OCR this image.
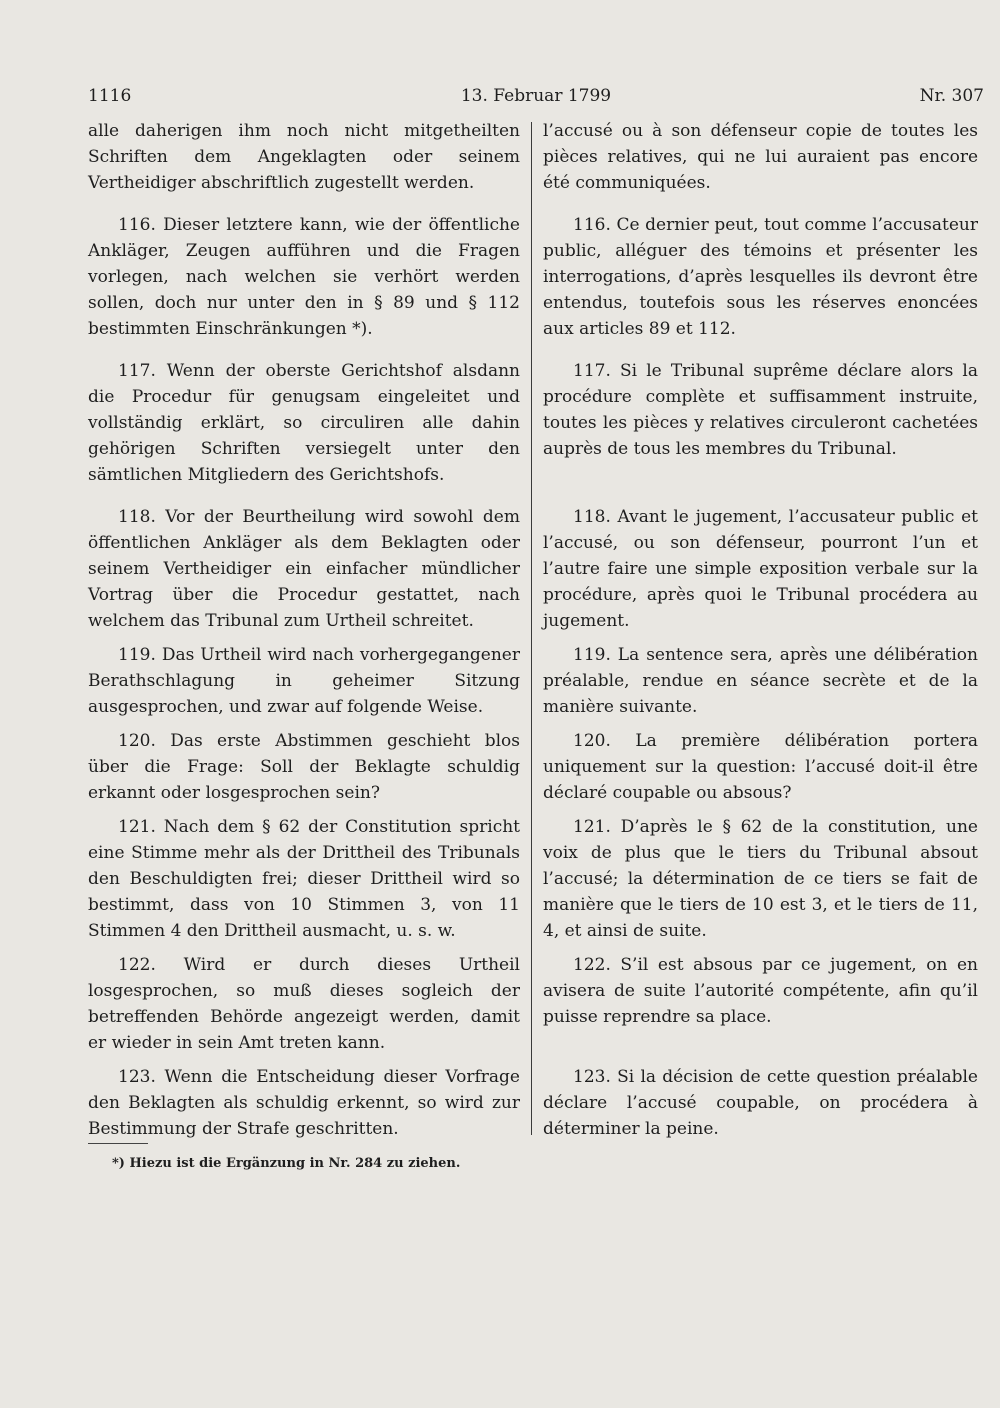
1116	13. Februar 1799	Nr. 307

alle daherigen ihm noch nicht mitgetheilten Schriften dem Angeklagten oder seinem Vertheidiger abschriftlich zugestellt werden.

116. Dieser letztere kann, wie der öffentliche Ankläger, Zeugen aufführen und die Fragen vorlegen, nach welchen sie verhört werden sollen, doch nur unter den in § 89 und § 112 bestimmten Einschränkungen *).

117. Wenn der oberste Gerichtshof alsdann die Procedur für genugsam eingeleitet und vollständig erklärt, so circuliren alle dahin gehörigen Schriften versiegelt unter den sämtlichen Mitgliedern des Gerichtshofs.

118. Vor der Beurtheilung wird sowohl dem öffentlichen Ankläger als dem Beklagten oder seinem Vertheidiger ein einfacher mündlicher Vortrag über die Procedur gestattet, nach welchem das Tribunal zum Urtheil schreitet.

119. Das Urtheil wird nach vorhergegangener Berathschlagung in geheimer Sitzung ausgesprochen, und zwar auf folgende Weise.

120. Das erste Abstimmen geschieht blos über die Frage: Soll der Beklagte schuldig erkannt oder losgesprochen sein?

121. Nach dem § 62 der Constitution spricht eine Stimme mehr als der Drittheil des Tribunals den Beschuldigten frei; dieser Drittheil wird so bestimmt, dass von 10 Stimmen 3, von 11 Stimmen 4 den Drittheil ausmacht, u. s. w.

122. Wird er durch dieses Urtheil losgesprochen, so muß dieses sogleich der betreffenden Behörde angezeigt werden, damit er wieder in sein Amt treten kann.

123. Wenn die Entscheidung dieser Vorfrage den Beklagten als schuldig erkennt, so wird zur Bestimmung der Strafe geschritten.

l’accusé ou à son défenseur copie de toutes les pièces relatives, qui ne lui auraient pas encore été communiquées.

116. Ce dernier peut, tout comme l’accusateur public, alléguer des témoins et présenter les interrogations, d’après lesquelles ils devront être entendus, toutefois sous les réserves enoncées aux articles 89 et 112.

117. Si le Tribunal suprême déclare alors la procédure complète et suffisamment instruite, toutes les pièces y relatives circuleront cachetées auprès de tous les membres du Tribunal.

118. Avant le jugement, l’accusateur public et l’accusé, ou son défenseur, pourront l’un et l’autre faire une simple exposition verbale sur la procédure, après quoi le Tribunal procédera au jugement.

119. La sentence sera, après une délibération préalable, rendue en séance secrète et de la manière suivante.

120. La première délibération portera uniquement sur la question: l’accusé doit-il être déclaré coupable ou absous?

121. D’après le § 62 de la constitution, une voix de plus que le tiers du Tribunal absout l’accusé; la détermination de ce tiers se fait de manière que le tiers de 10 est 3, et le tiers de 11, 4, et ainsi de suite.

122. S’il est absous par ce jugement, on en avisera de suite l’autorité compétente, afin qu’il puisse reprendre sa place.

123. Si la décision de cette question préalable déclare l’accusé coupable, on procédera à déterminer la peine.

*) Hiezu ist die Ergänzung in Nr. 284 zu ziehen.
